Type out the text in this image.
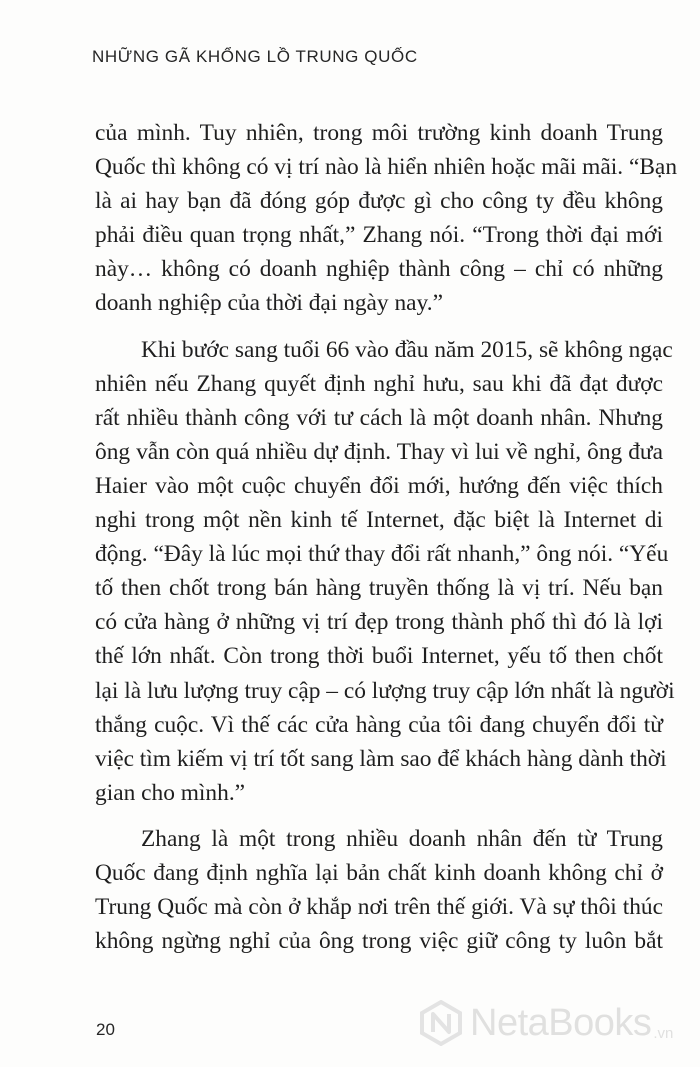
NHỮNG GÃ KHỔNG LỒ TRUNG QUỐC
của mình. Tuy nhiên, trong môi trường kinh doanh Trung
Quốc thì không có vị trí nào là hiển nhiên hoặc mãi mãi. “Bạn
là ai hay bạn đã đóng góp được gì cho công ty đều không
phải điều quan trọng nhất,” Zhang nói. “Trong thời đại mới
này… không có doanh nghiệp thành công – chỉ có những
doanh nghiệp của thời đại ngày nay.”
Khi bước sang tuổi 66 vào đầu năm 2015, sẽ không ngạc
nhiên nếu Zhang quyết định nghỉ hưu, sau khi đã đạt được
rất nhiều thành công với tư cách là một doanh nhân. Nhưng
ông vẫn còn quá nhiều dự định. Thay vì lui về nghỉ, ông đưa
Haier vào một cuộc chuyển đổi mới, hướng đến việc thích
nghi trong một nền kinh tế Internet, đặc biệt là Internet di
động. “Đây là lúc mọi thứ thay đổi rất nhanh,” ông nói. “Yếu
tố then chốt trong bán hàng truyền thống là vị trí. Nếu bạn
có cửa hàng ở những vị trí đẹp trong thành phố thì đó là lợi
thế lớn nhất. Còn trong thời buổi Internet, yếu tố then chốt
lại là lưu lượng truy cập – có lượng truy cập lớn nhất là người
thắng cuộc. Vì thế các cửa hàng của tôi đang chuyển đổi từ
việc tìm kiếm vị trí tốt sang làm sao để khách hàng dành thời
gian cho mình.”
Zhang là một trong nhiều doanh nhân đến từ Trung
Quốc đang định nghĩa lại bản chất kinh doanh không chỉ ở
Trung Quốc mà còn ở khắp nơi trên thế giới. Và sự thôi thúc
không ngừng nghỉ của ông trong việc giữ công ty luôn bắt
20	NetaBooks .vn
